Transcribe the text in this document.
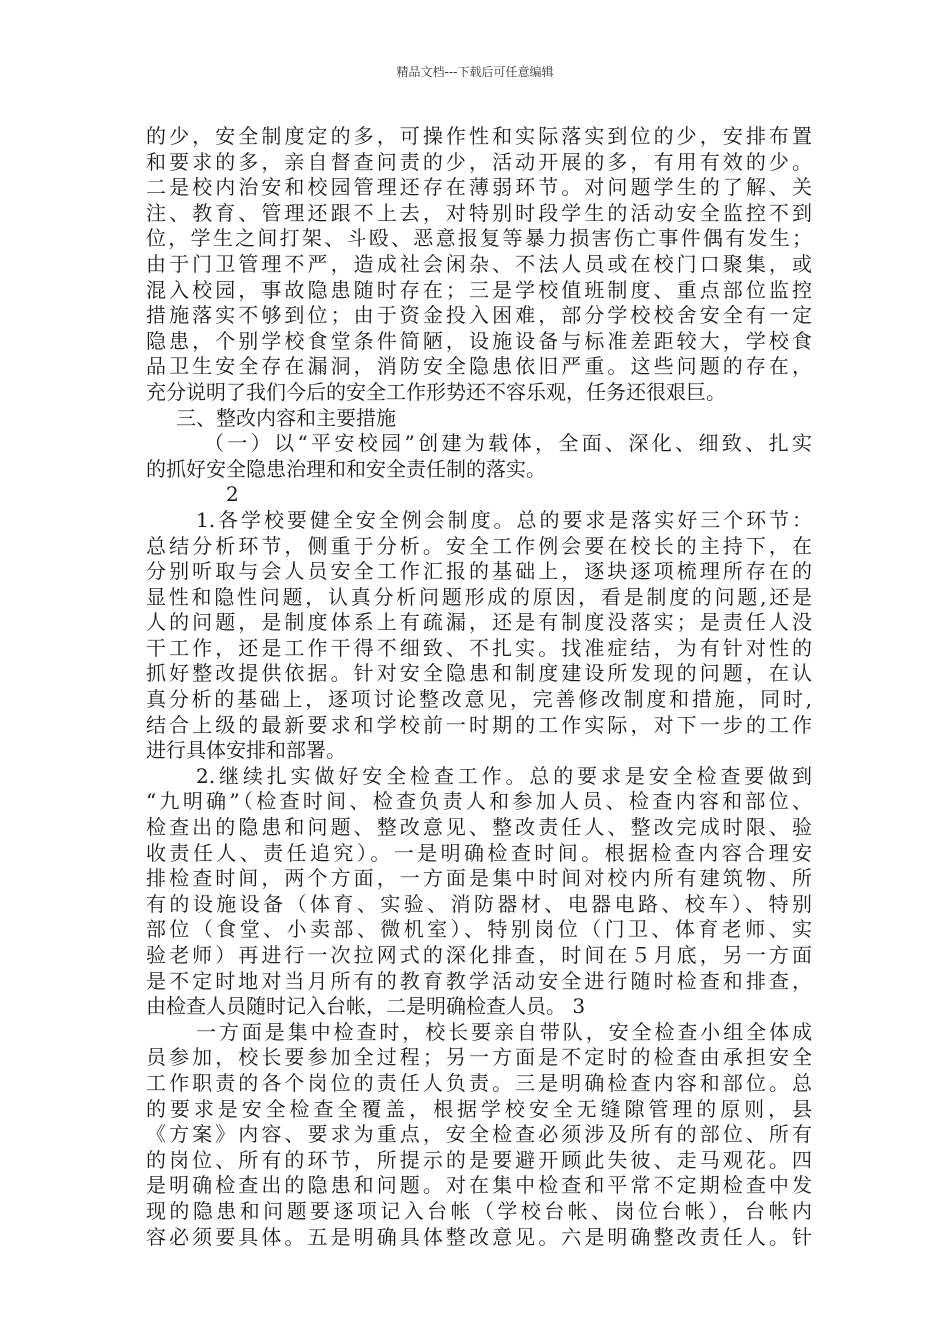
精品文档---下载后可任意编辑
的少，安全制度定的多，可操作性和实际落实到位的少，安排布置
和要求的多，亲自督查问责的少，活动开展的多，有用有效的少。
二是校内治安和校园管理还存在薄弱环节。对问题学生的了解、关
注、教育、管理还跟不上去，对特别时段学生的活动安全监控不到
位，学生之间打架、斗殴、恶意报复等暴力损害伤亡事件偶有发生；
由于门卫管理不严，造成社会闲杂、不法人员或在校门口聚集，或
混入校园，事故隐患随时存在；三是学校值班制度、重点部位监控
措施落实不够到位；由于资金投入困难，部分学校校舍安全有一定
隐患，个别学校食堂条件简陋，设施设备与标准差距较大，学校食
品卫生安全存在漏洞，消防安全隐患依旧严重。这些问题的存在，
充分说明了我们今后的安全工作形势还不容乐观，任务还很艰巨。
三、整改内容和主要措施
（一）以“平安校园”创建为载体，全面、深化、细致、扎实
的抓好安全隐患治理和和安全责任制的落实。
2
1.各学校要健全安全例会制度。总的要求是落实好三个环节：
总结分析环节，侧重于分析。安全工作例会要在校长的主持下，在
分别听取与会人员安全工作汇报的基础上，逐块逐项梳理所存在的
显性和隐性问题，认真分析问题形成的原因，看是制度的问题,还是
人的问题，是制度体系上有疏漏，还是有制度没落实；是责任人没
干工作，还是工作干得不细致、不扎实。找准症结，为有针对性的
抓好整改提供依据。针对安全隐患和制度建设所发现的问题，在认
真分析的基础上，逐项讨论整改意见，完善修改制度和措施，同时,
结合上级的最新要求和学校前一时期的工作实际，对下一步的工作
进行具体安排和部署。
2.继续扎实做好安全检查工作。总的要求是安全检查要做到
“九明确”（检查时间、检查负责人和参加人员、检查内容和部位、
检查出的隐患和问题、整改意见、整改责任人、整改完成时限、验
收责任人、责任追究）。一是明确检查时间。根据检查内容合理安
排检查时间，两个方面，一方面是集中时间对校内所有建筑物、所
有的设施设备（体育、实验、消防器材、电器电路、校车）、特别
部位（食堂、小卖部、微机室）、特别岗位（门卫、体育老师、实
验老师）再进行一次拉网式的深化排查，时间在５月底，另一方面
是不定时地对当月所有的教育教学活动安全进行随时检查和排查，
由检查人员随时记入台帐，二是明确检查人员。 3
一方面是集中检查时，校长要亲自带队，安全检查小组全体成
员参加，校长要参加全过程；另一方面是不定时的检查由承担安全
工作职责的各个岗位的责任人负责。三是明确检查内容和部位。总
的要求是安全检查全覆盖，根据学校安全无缝隙管理的原则，县
《方案》内容、要求为重点，安全检查必须涉及所有的部位、所有
的岗位、所有的环节，所提示的是要避开顾此失彼、走马观花。四
是明确检查出的隐患和问题。对在集中检查和平常不定期检查中发
现的隐患和问题要逐项记入台帐（学校台帐、岗位台帐），台帐内
容必须要具体。五是明确具体整改意见。六是明确整改责任人。针
